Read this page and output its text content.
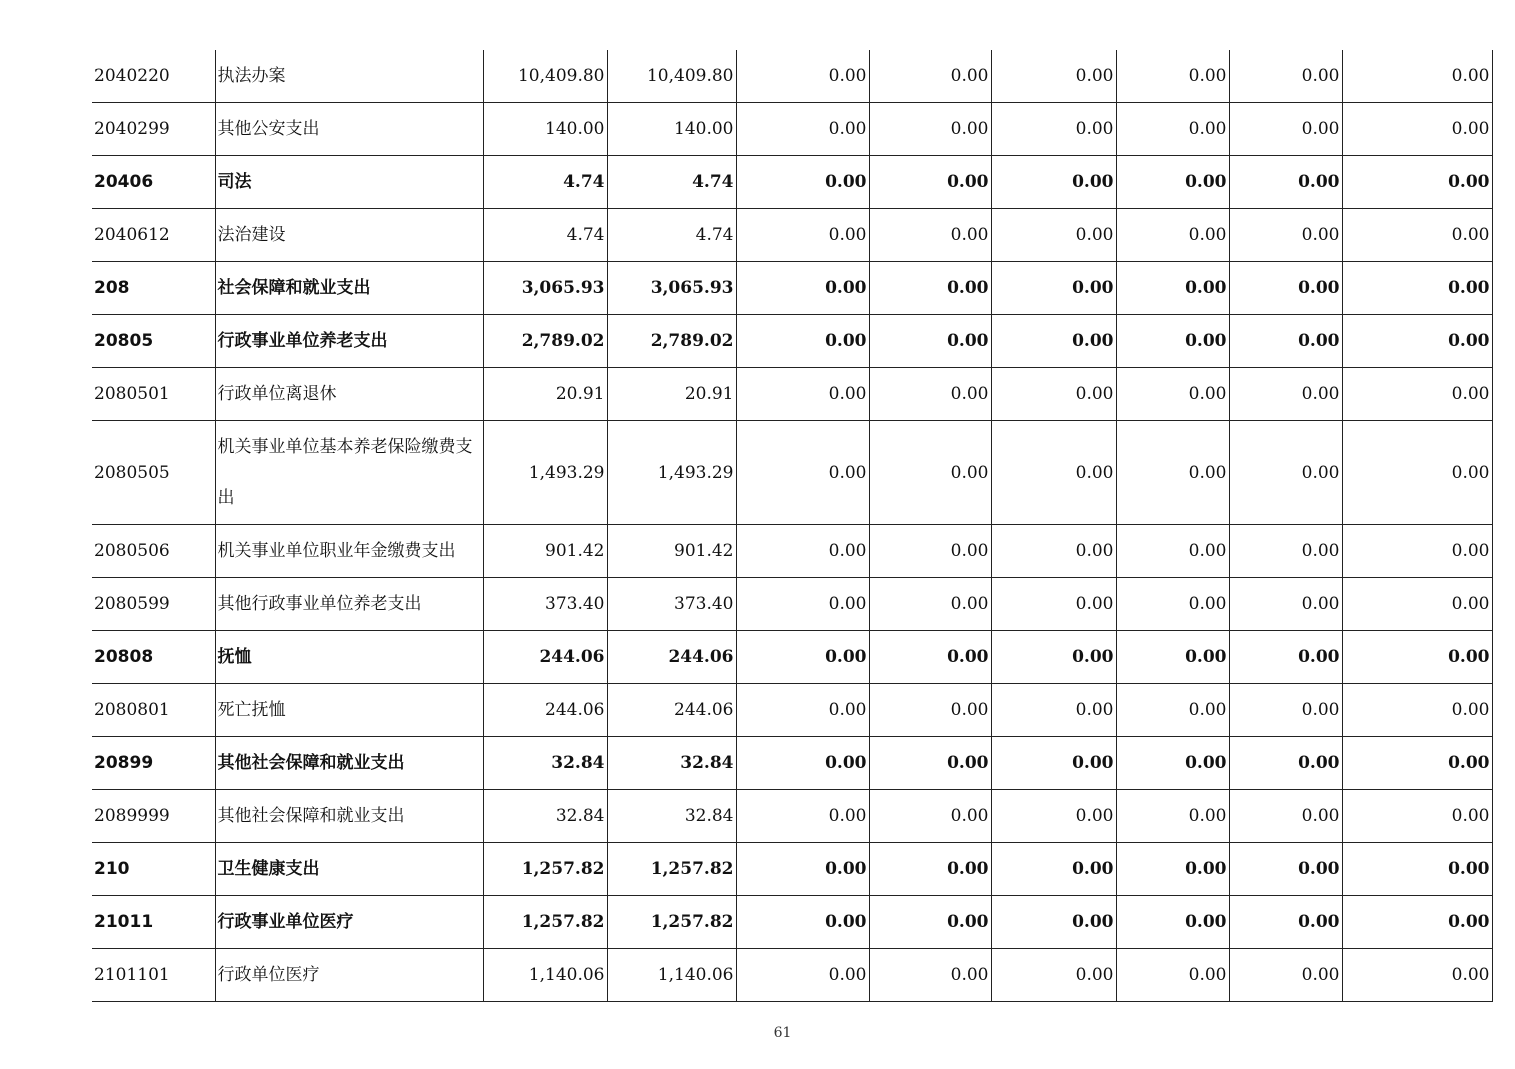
2040220	执法办案	10,409.80	10,409.80	0.00	0.00	0.00	0.00	0.00	0.00
2040299	其他公安支出	140.00	140.00	0.00	0.00	0.00	0.00	0.00	0.00
20406	司法	4.74	4.74	0.00	0.00	0.00	0.00	0.00	0.00
2040612	法治建设	4.74	4.74	0.00	0.00	0.00	0.00	0.00	0.00
208	社会保障和就业支出	3,065.93	3,065.93	0.00	0.00	0.00	0.00	0.00	0.00
20805	行政事业单位养老支出	2,789.02	2,789.02	0.00	0.00	0.00	0.00	0.00	0.00
2080501	行政单位离退休	20.91	20.91	0.00	0.00	0.00	0.00	0.00	0.00
2080505	机关事业单位基本养老保险缴费支出	1,493.29	1,493.29	0.00	0.00	0.00	0.00	0.00	0.00
2080506	机关事业单位职业年金缴费支出	901.42	901.42	0.00	0.00	0.00	0.00	0.00	0.00
2080599	其他行政事业单位养老支出	373.40	373.40	0.00	0.00	0.00	0.00	0.00	0.00
20808	抚恤	244.06	244.06	0.00	0.00	0.00	0.00	0.00	0.00
2080801	死亡抚恤	244.06	244.06	0.00	0.00	0.00	0.00	0.00	0.00
20899	其他社会保障和就业支出	32.84	32.84	0.00	0.00	0.00	0.00	0.00	0.00
2089999	其他社会保障和就业支出	32.84	32.84	0.00	0.00	0.00	0.00	0.00	0.00
210	卫生健康支出	1,257.82	1,257.82	0.00	0.00	0.00	0.00	0.00	0.00
21011	行政事业单位医疗	1,257.82	1,257.82	0.00	0.00	0.00	0.00	0.00	0.00
2101101	行政单位医疗	1,140.06	1,140.06	0.00	0.00	0.00	0.00	0.00	0.00
61
